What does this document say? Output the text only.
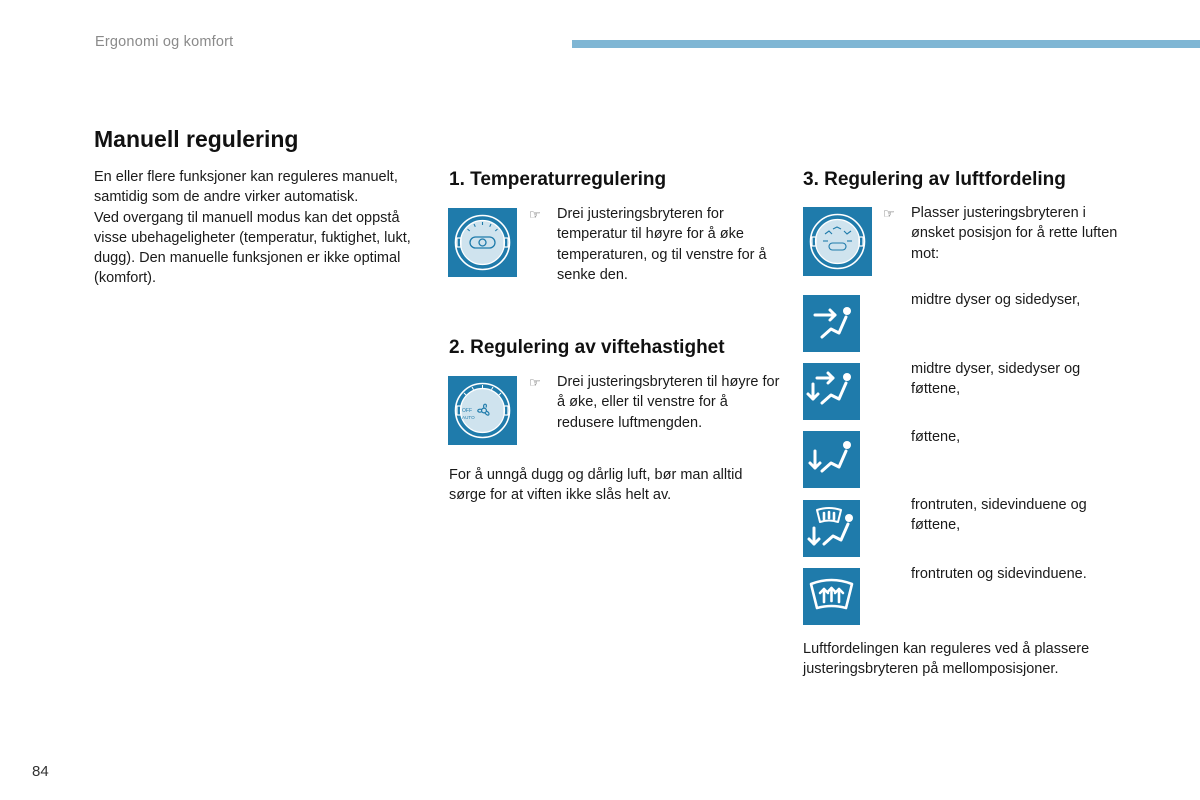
Ergonomi og komfort
Manuell regulering

En eller flere funksjoner kan reguleres manuelt, samtidig som de andre virker automatisk.

Ved overgang til manuell modus kan det oppstå visse ubehageligheter (temperatur, fuktighet, lukt, dugg). Den manuelle funksjonen er ikke optimal (komfort).

1. Temperaturregulering
☞ Drei justeringsbryteren for temperatur til høyre for å øke temperaturen, og til venstre for å senke den.
2. Regulering av viftehastighet
OFF
AUTO
☞ Drei justeringsbryteren til høyre for å øke, eller til venstre for å redusere luftmengden.
For å unngå dugg og dårlig luft, bør man alltid sørge for at viften ikke slås helt av.
3. Regulering av luftfordeling
☞ Plasser justeringsbryteren i ønsket posisjon for å rette luften mot:
midtre dyser og sidedyser,
midtre dyser, sidedyser og føttene,
føttene,
frontruten, sidevinduene og føttene,
frontruten og sidevinduene.
Luftfordelingen kan reguleres ved å plassere justeringsbryteren på mellomposisjoner.
84
